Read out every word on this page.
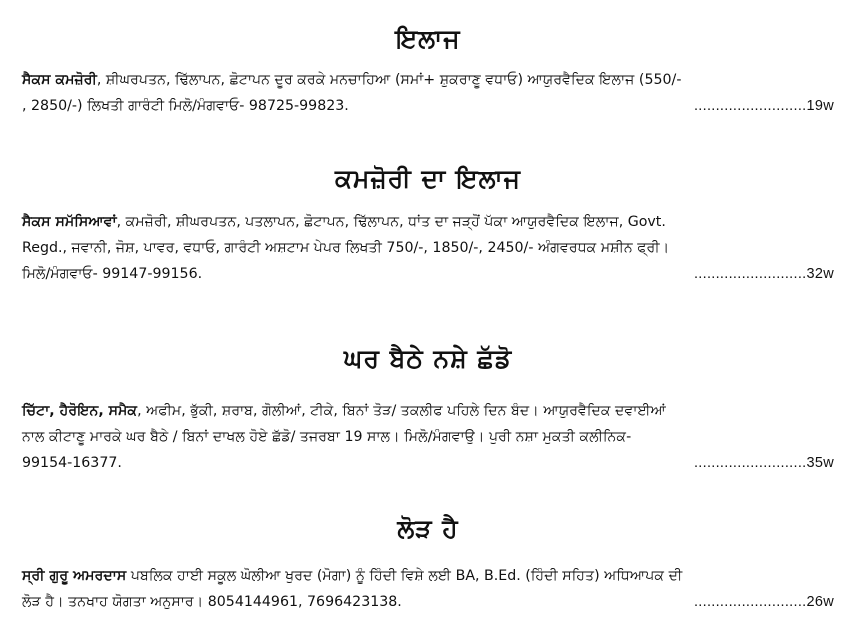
ਇਲਾਜ
ਸੈਕਸ ਕਮਜ਼ੋਰੀ, ਸ਼ੀਘਰਪਤਨ, ਢਿੱਲਾਪਨ, ਛੋਟਾਪਨ ਦੂਰ ਕਰਕੇ ਮਨਚਾਹਿਆ (ਸਮਾਂ+ ਸ਼ੁਕਰਾਣੂ ਵਧਾਓ) ਆਯੁਰਵੈਦਿਕ ਇਲਾਜ (550/-
, 2850/-) ਲਿਖਤੀ ਗਾਰੰਟੀ ਮਿਲੋ/ਮੰਗਵਾਓ- 98725-99823.	..........................19w
ਕਮਜ਼ੋਰੀ ਦਾ ਇਲਾਜ
ਸੈਕਸ ਸਮੱਸਿਆਵਾਂ, ਕਮਜ਼ੋਰੀ, ਸ਼ੀਘਰਪਤਨ, ਪਤਲਾਪਨ, ਛੋਟਾਪਨ, ਢਿੱਲਾਪਨ, ਧਾਂਤ ਦਾ ਜੜ੍ਹੋਂ ਪੱਕਾ ਆਯੁਰਵੈਦਿਕ ਇਲਾਜ, Govt.
Regd., ਜਵਾਨੀ, ਜੋਸ਼, ਪਾਵਰ, ਵਧਾਓ, ਗਾਰੰਟੀ ਅਸ਼ਟਾਮ ਪੇਪਰ ਲਿਖਤੀ 750/-, 1850/-, 2450/- ਅੰਗਵਰਧਕ ਮਸ਼ੀਨ ਫ੍ਰੀ।
ਮਿਲੋ/ਮੰਗਵਾਓ- 99147-99156.	..........................32w
ਘਰ ਬੈਠੇ ਨਸ਼ੇ ਛੱਡੋ
ਚਿੱਟਾ, ਹੈਰੋਇਨ, ਸਮੈਕ, ਅਫੀਮ, ਭੁੱਕੀ, ਸ਼ਰਾਬ, ਗੋਲੀਆਂ, ਟੀਕੇ, ਬਿਨਾਂ ਤੋੜ/ ਤਕਲੀਫ ਪਹਿਲੇ ਦਿਨ ਬੰਦ। ਆਯੁਰਵੈਦਿਕ ਦਵਾਈਆਂ
ਨਾਲ ਕੀਟਾਣੂ ਮਾਰਕੇ ਘਰ ਬੈਠੇ / ਬਿਨਾਂ ਦਾਖਲ ਹੋਏ ਛੱਡੋ/ ਤਜਰਬਾ 19 ਸਾਲ। ਮਿਲੋ/ਮੰਗਵਾਉ। ਪੁਰੀ ਨਸ਼ਾ ਮੁਕਤੀ ਕਲੀਨਿਕ-
99154-16377.	..........................35w
ਲੋੜ ਹੈ
ਸ੍ਰੀ ਗੁਰੂ ਅਮਰਦਾਸ ਪਬਲਿਕ ਹਾਈ ਸਕੂਲ ਘੋਲੀਆ ਖੁਰਦ (ਮੋਗਾ) ਨੂੰ ਹਿੰਦੀ ਵਿਸ਼ੇ ਲਈ BA, B.Ed. (ਹਿੰਦੀ ਸਹਿਤ) ਅਧਿਆਪਕ ਦੀ
ਲੋੜ ਹੈ। ਤਨਖਾਹ ਯੋਗਤਾ ਅਨੁਸਾਰ। 8054144961, 7696423138.	..........................26w
